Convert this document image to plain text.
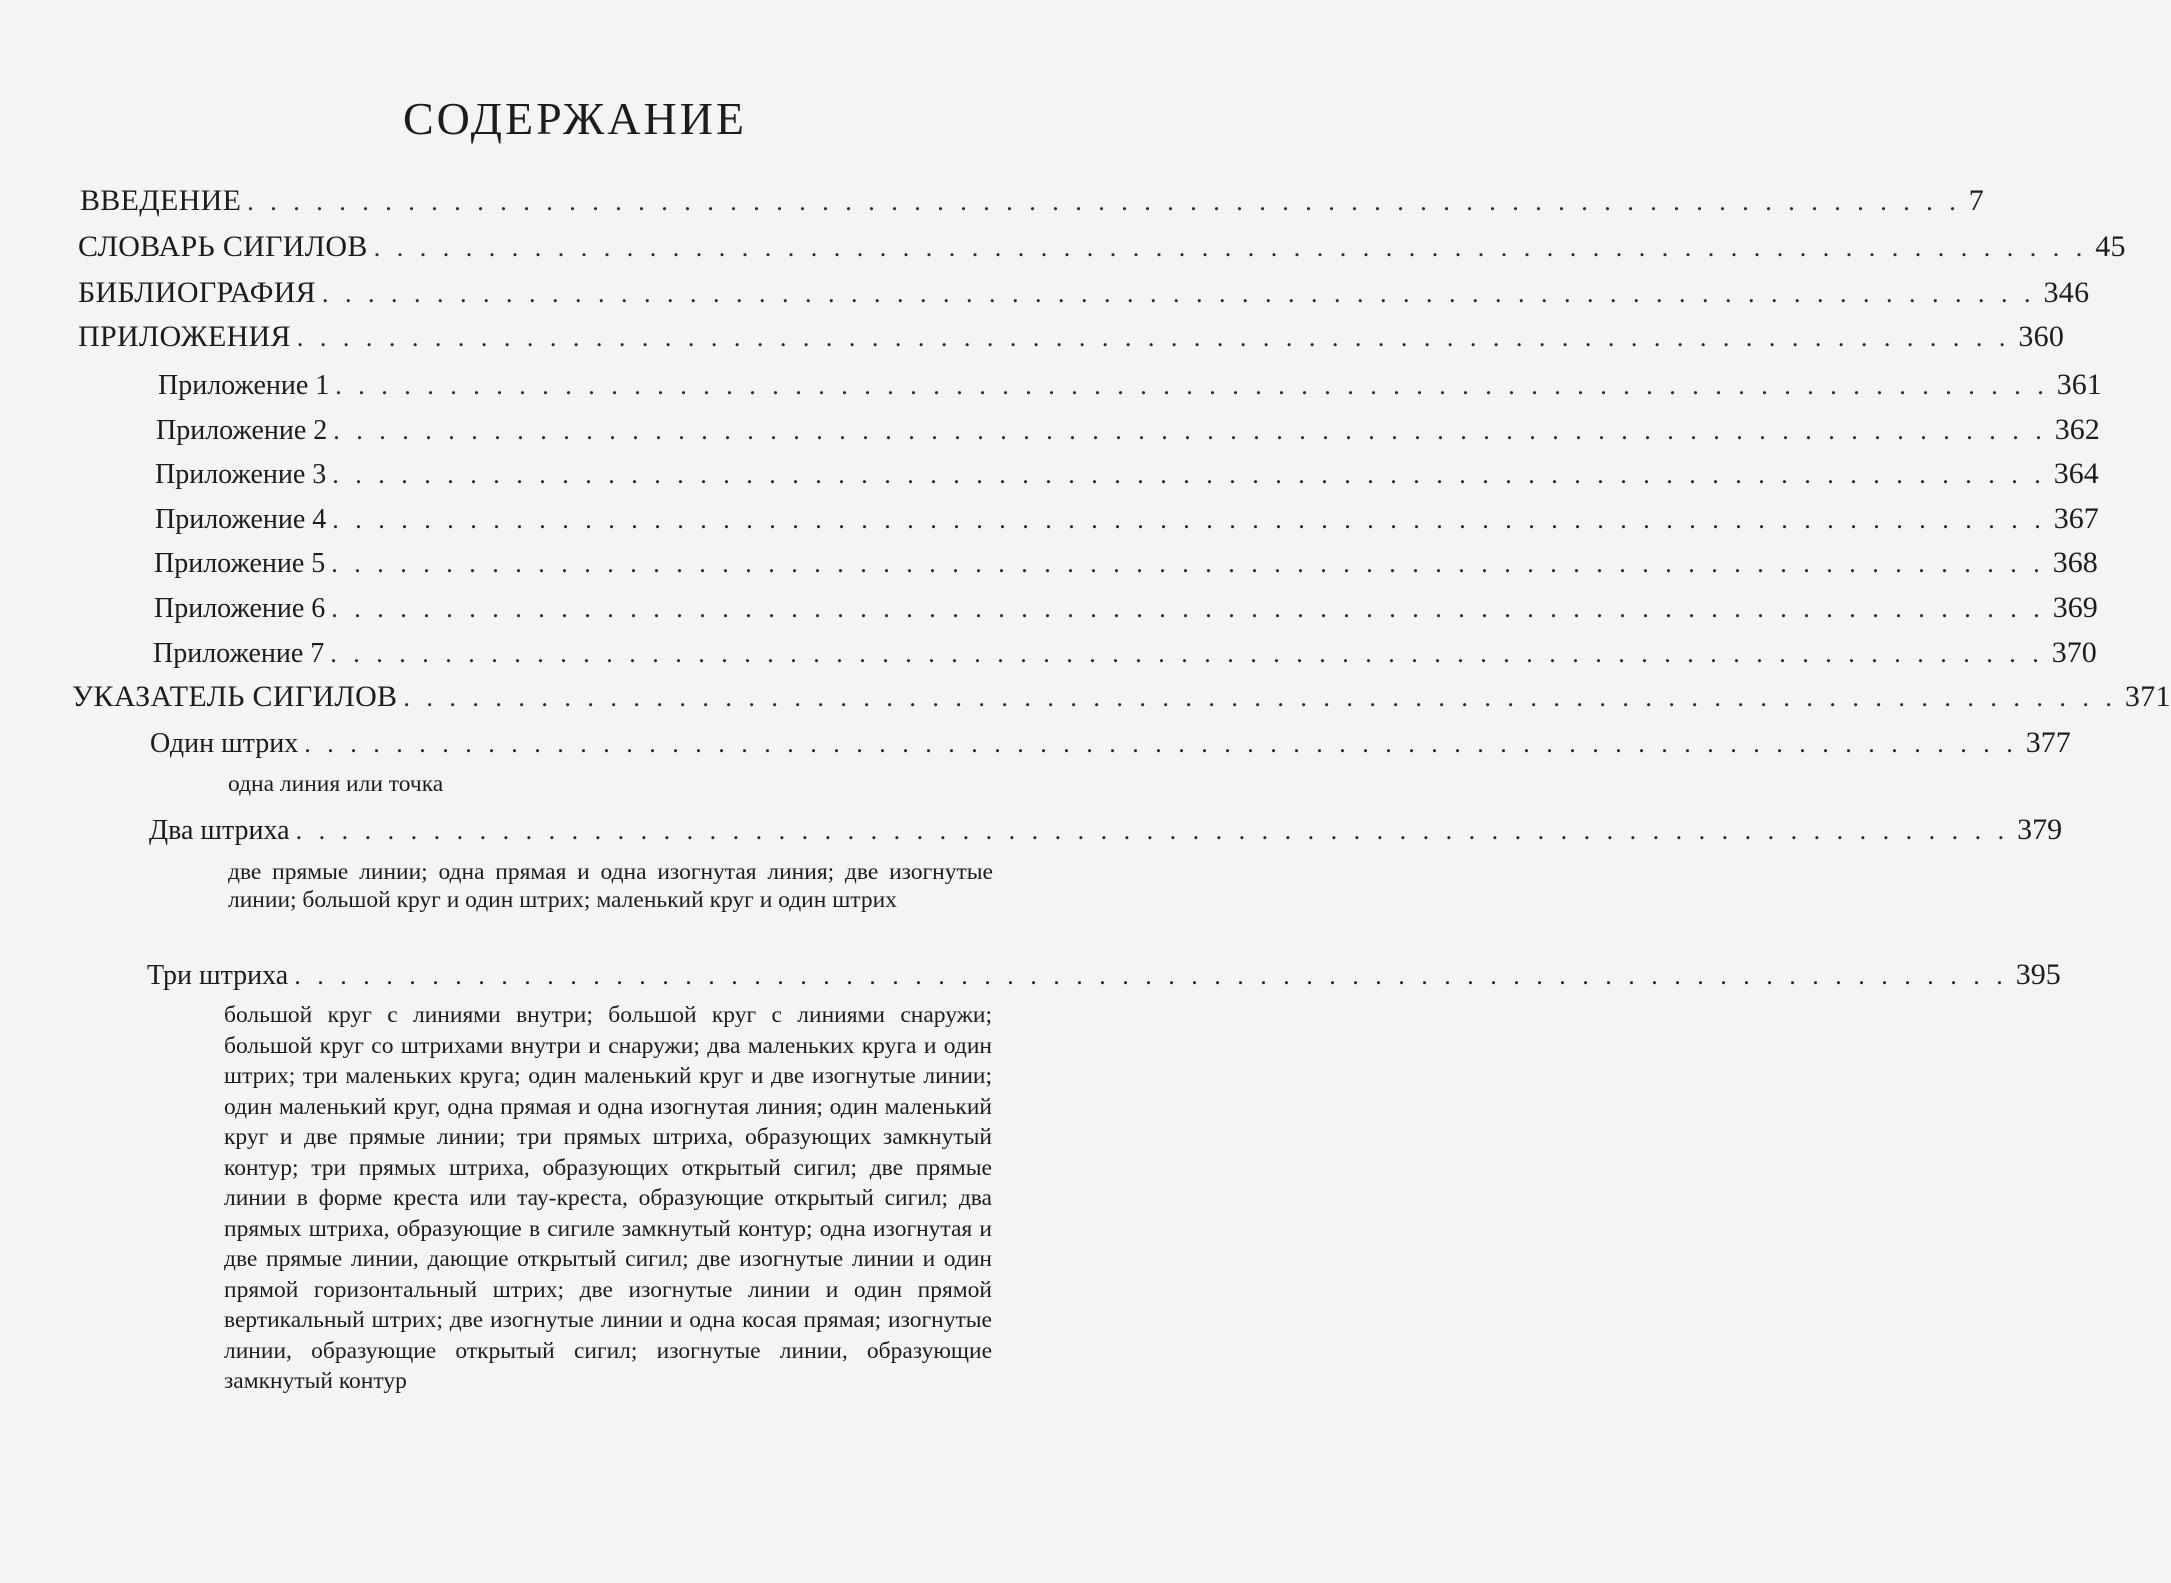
СОДЕРЖАНИЕ
ВВЕДЕНИЕ . . . . . . . . . . . . . . . . . . . . . . . . . . . . . . . . . . . . . . . . . . . . . . . . . . . . . . . . . . . . . . . . . . . . . . . . . . . 7
СЛОВАРЬ СИГИЛОВ . . . . . . . . . . . . . . . . . . . . . . . . . . . . . . . . . . . . . . . . . . . . . . . . . . . . . . . . . . . . . . . . . . . . . . . . . . . 45
БИБЛИОГРАФИЯ . . . . . . . . . . . . . . . . . . . . . . . . . . . . . . . . . . . . . . . . . . . . . . . . . . . . . . . . . . . . . . . . . . . . . . . . . . . 346
ПРИЛОЖЕНИЯ . . . . . . . . . . . . . . . . . . . . . . . . . . . . . . . . . . . . . . . . . . . . . . . . . . . . . . . . . . . . . . . . . . . . . . . . . . . 360
Приложение 1 . . . . . . . . . . . . . . . . . . . . . . . . . . . . . . . . . . . . . . . . . . . . . . . . . . . . . . . . . . . . . . . . . . . . . . . . . . . 361
Приложение 2 . . . . . . . . . . . . . . . . . . . . . . . . . . . . . . . . . . . . . . . . . . . . . . . . . . . . . . . . . . . . . . . . . . . . . . . . . . . 362
Приложение 3 . . . . . . . . . . . . . . . . . . . . . . . . . . . . . . . . . . . . . . . . . . . . . . . . . . . . . . . . . . . . . . . . . . . . . . . . . . . 364
Приложение 4 . . . . . . . . . . . . . . . . . . . . . . . . . . . . . . . . . . . . . . . . . . . . . . . . . . . . . . . . . . . . . . . . . . . . . . . . . . . 367
Приложение 5 . . . . . . . . . . . . . . . . . . . . . . . . . . . . . . . . . . . . . . . . . . . . . . . . . . . . . . . . . . . . . . . . . . . . . . . . . . . 368
Приложение 6 . . . . . . . . . . . . . . . . . . . . . . . . . . . . . . . . . . . . . . . . . . . . . . . . . . . . . . . . . . . . . . . . . . . . . . . . . . . 369
Приложение 7 . . . . . . . . . . . . . . . . . . . . . . . . . . . . . . . . . . . . . . . . . . . . . . . . . . . . . . . . . . . . . . . . . . . . . . . . . . . 370
УКАЗАТЕЛЬ СИГИЛОВ . . . . . . . . . . . . . . . . . . . . . . . . . . . . . . . . . . . . . . . . . . . . . . . . . . . . . . . . . . . . . . . . . . . . . . . . . . . 371
Один штрих . . . . . . . . . . . . . . . . . . . . . . . . . . . . . . . . . . . . . . . . . . . . . . . . . . . . . . . . . . . . . . . . . . . . . . . . . . . 377

одна линия или точка

Два штриха . . . . . . . . . . . . . . . . . . . . . . . . . . . . . . . . . . . . . . . . . . . . . . . . . . . . . . . . . . . . . . . . . . . . . . . . . . . 379

две прямые линии; одна прямая и одна изогнутая линия; две изогнутые линии; большой круг и один штрих; маленький круг и один штрих

Три штриха . . . . . . . . . . . . . . . . . . . . . . . . . . . . . . . . . . . . . . . . . . . . . . . . . . . . . . . . . . . . . . . . . . . . . . . . . . . 395

большой круг с линиями внутри; большой круг с линиями снаружи; большой круг со штрихами внутри и снаружи; два маленьких круга и один штрих; три маленьких круга; один маленький круг и две изогнутые линии; один маленький круг, одна прямая и одна изогнутая линия; один маленький круг и две прямые линии; три прямых штриха, образующих замкнутый контур; три прямых штриха, образующих открытый сигил; две прямые линии в форме креста или тау-креста, образующие открытый сигил; два прямых штриха, образующие в сигиле замкнутый контур; одна изогнутая и две прямые линии, дающие открытый сигил; две изогнутые линии и один прямой горизонтальный штрих; две изогнутые линии и один прямой вертикальный штрих; две изогнутые линии и одна косая прямая; изогнутые линии, образующие открытый сигил; изогнутые линии, образующие замкнутый контур
